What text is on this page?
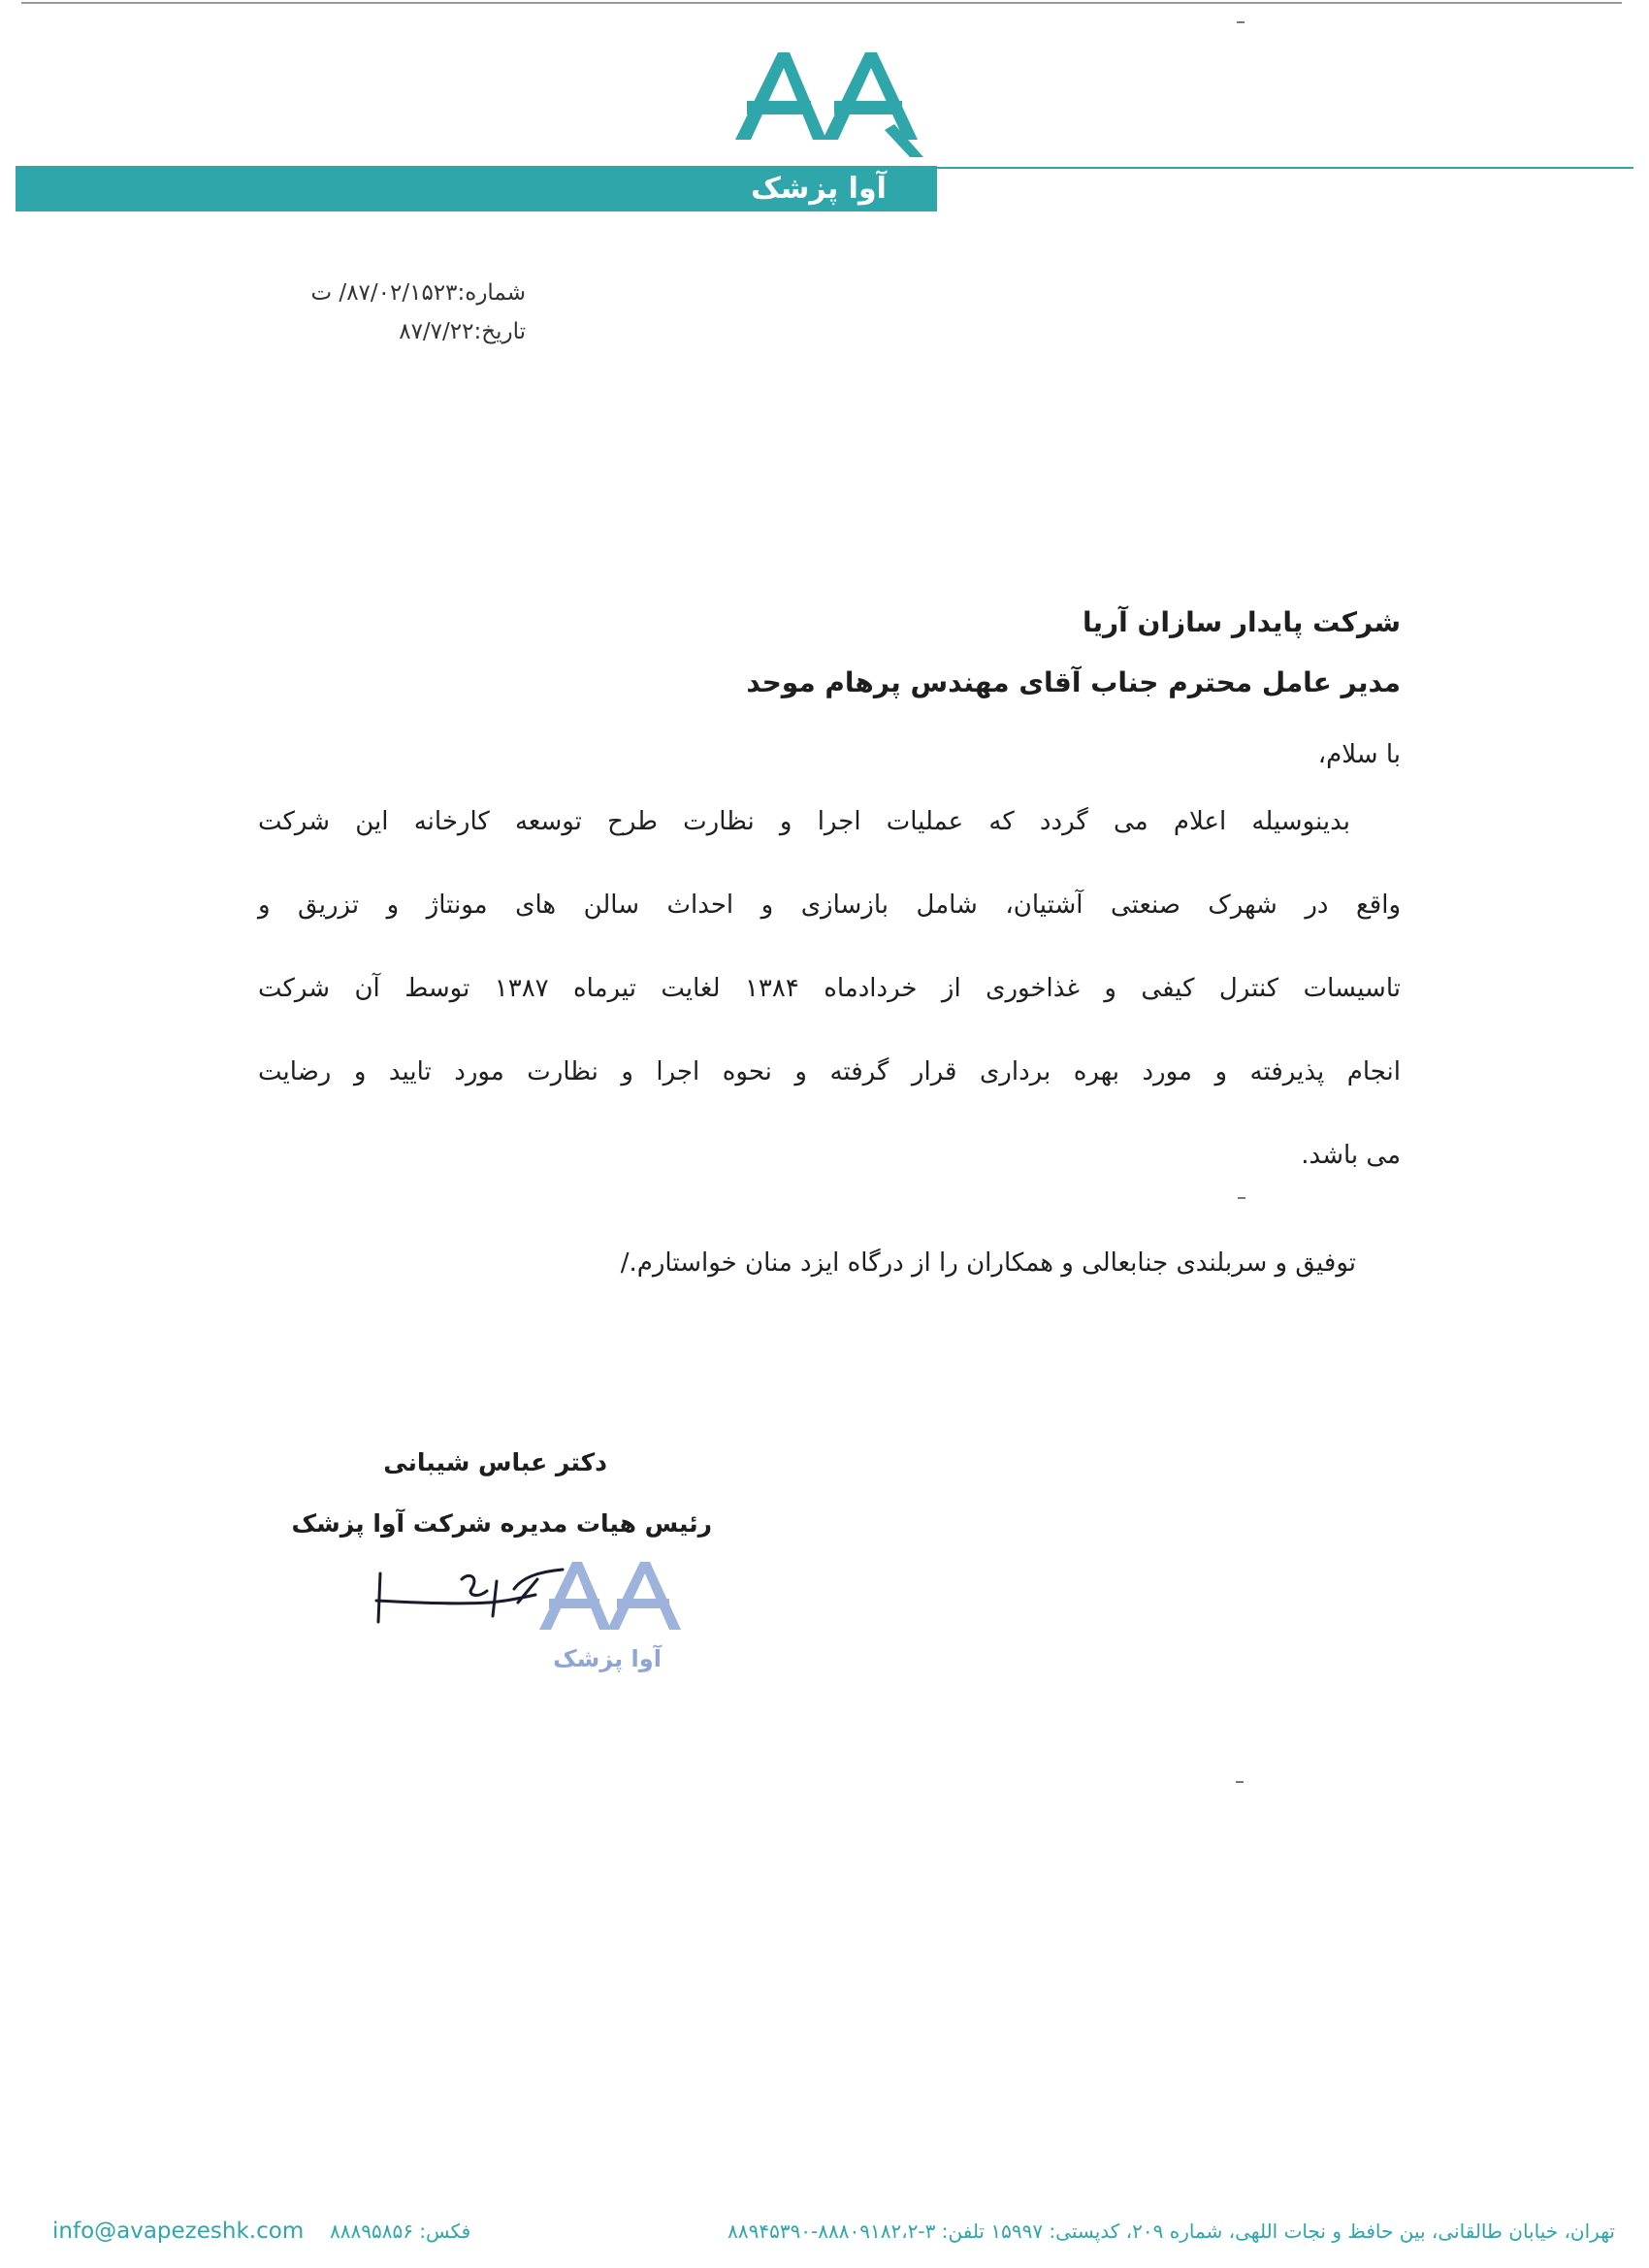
آوا پزشک
شماره:۸۷/۰۲/۱۵۲۳/ ت
تاریخ:۸۷/۷/۲۲
شرکت پایدار سازان آریا
مدیر عامل محترم جناب آقای مهندس پرهام موحد
با سلام،
بدینوسیله اعلام می گردد که عملیات اجرا و نظارت طرح توسعه کارخانه این شرکت
واقع در شهرک صنعتی آشتیان، شامل بازسازی و احداث سالن های مونتاژ و تزریق و
تاسیسات کنترل کیفی و غذاخوری از خردادماه ۱۳۸۴ لغایت تیرماه ۱۳۸۷ توسط آن شرکت
انجام پذیرفته و مورد بهره برداری قرار گرفته و نحوه اجرا و نظارت مورد تایید و رضایت
می باشد.
توفیق و سربلندی جنابعالی و همکاران را از درگاه ایزد منان خواستارم./
دکتر عباس شیبانی
رئیس هیات مدیره شرکت آوا پزشک
آوا پزشک
info@avapezeshk.com فکس: ۸۸۸۹۵۸۵۶	تهران، خیابان طالقانی، بین حافظ و نجات اللهی، شماره ۲۰۹، کدپستی: ۱۵۹۹۷ تلفن: ۳-۸۸۸۰۹۱۸۲،۲-۸۸۹۴۵۳۹۰
